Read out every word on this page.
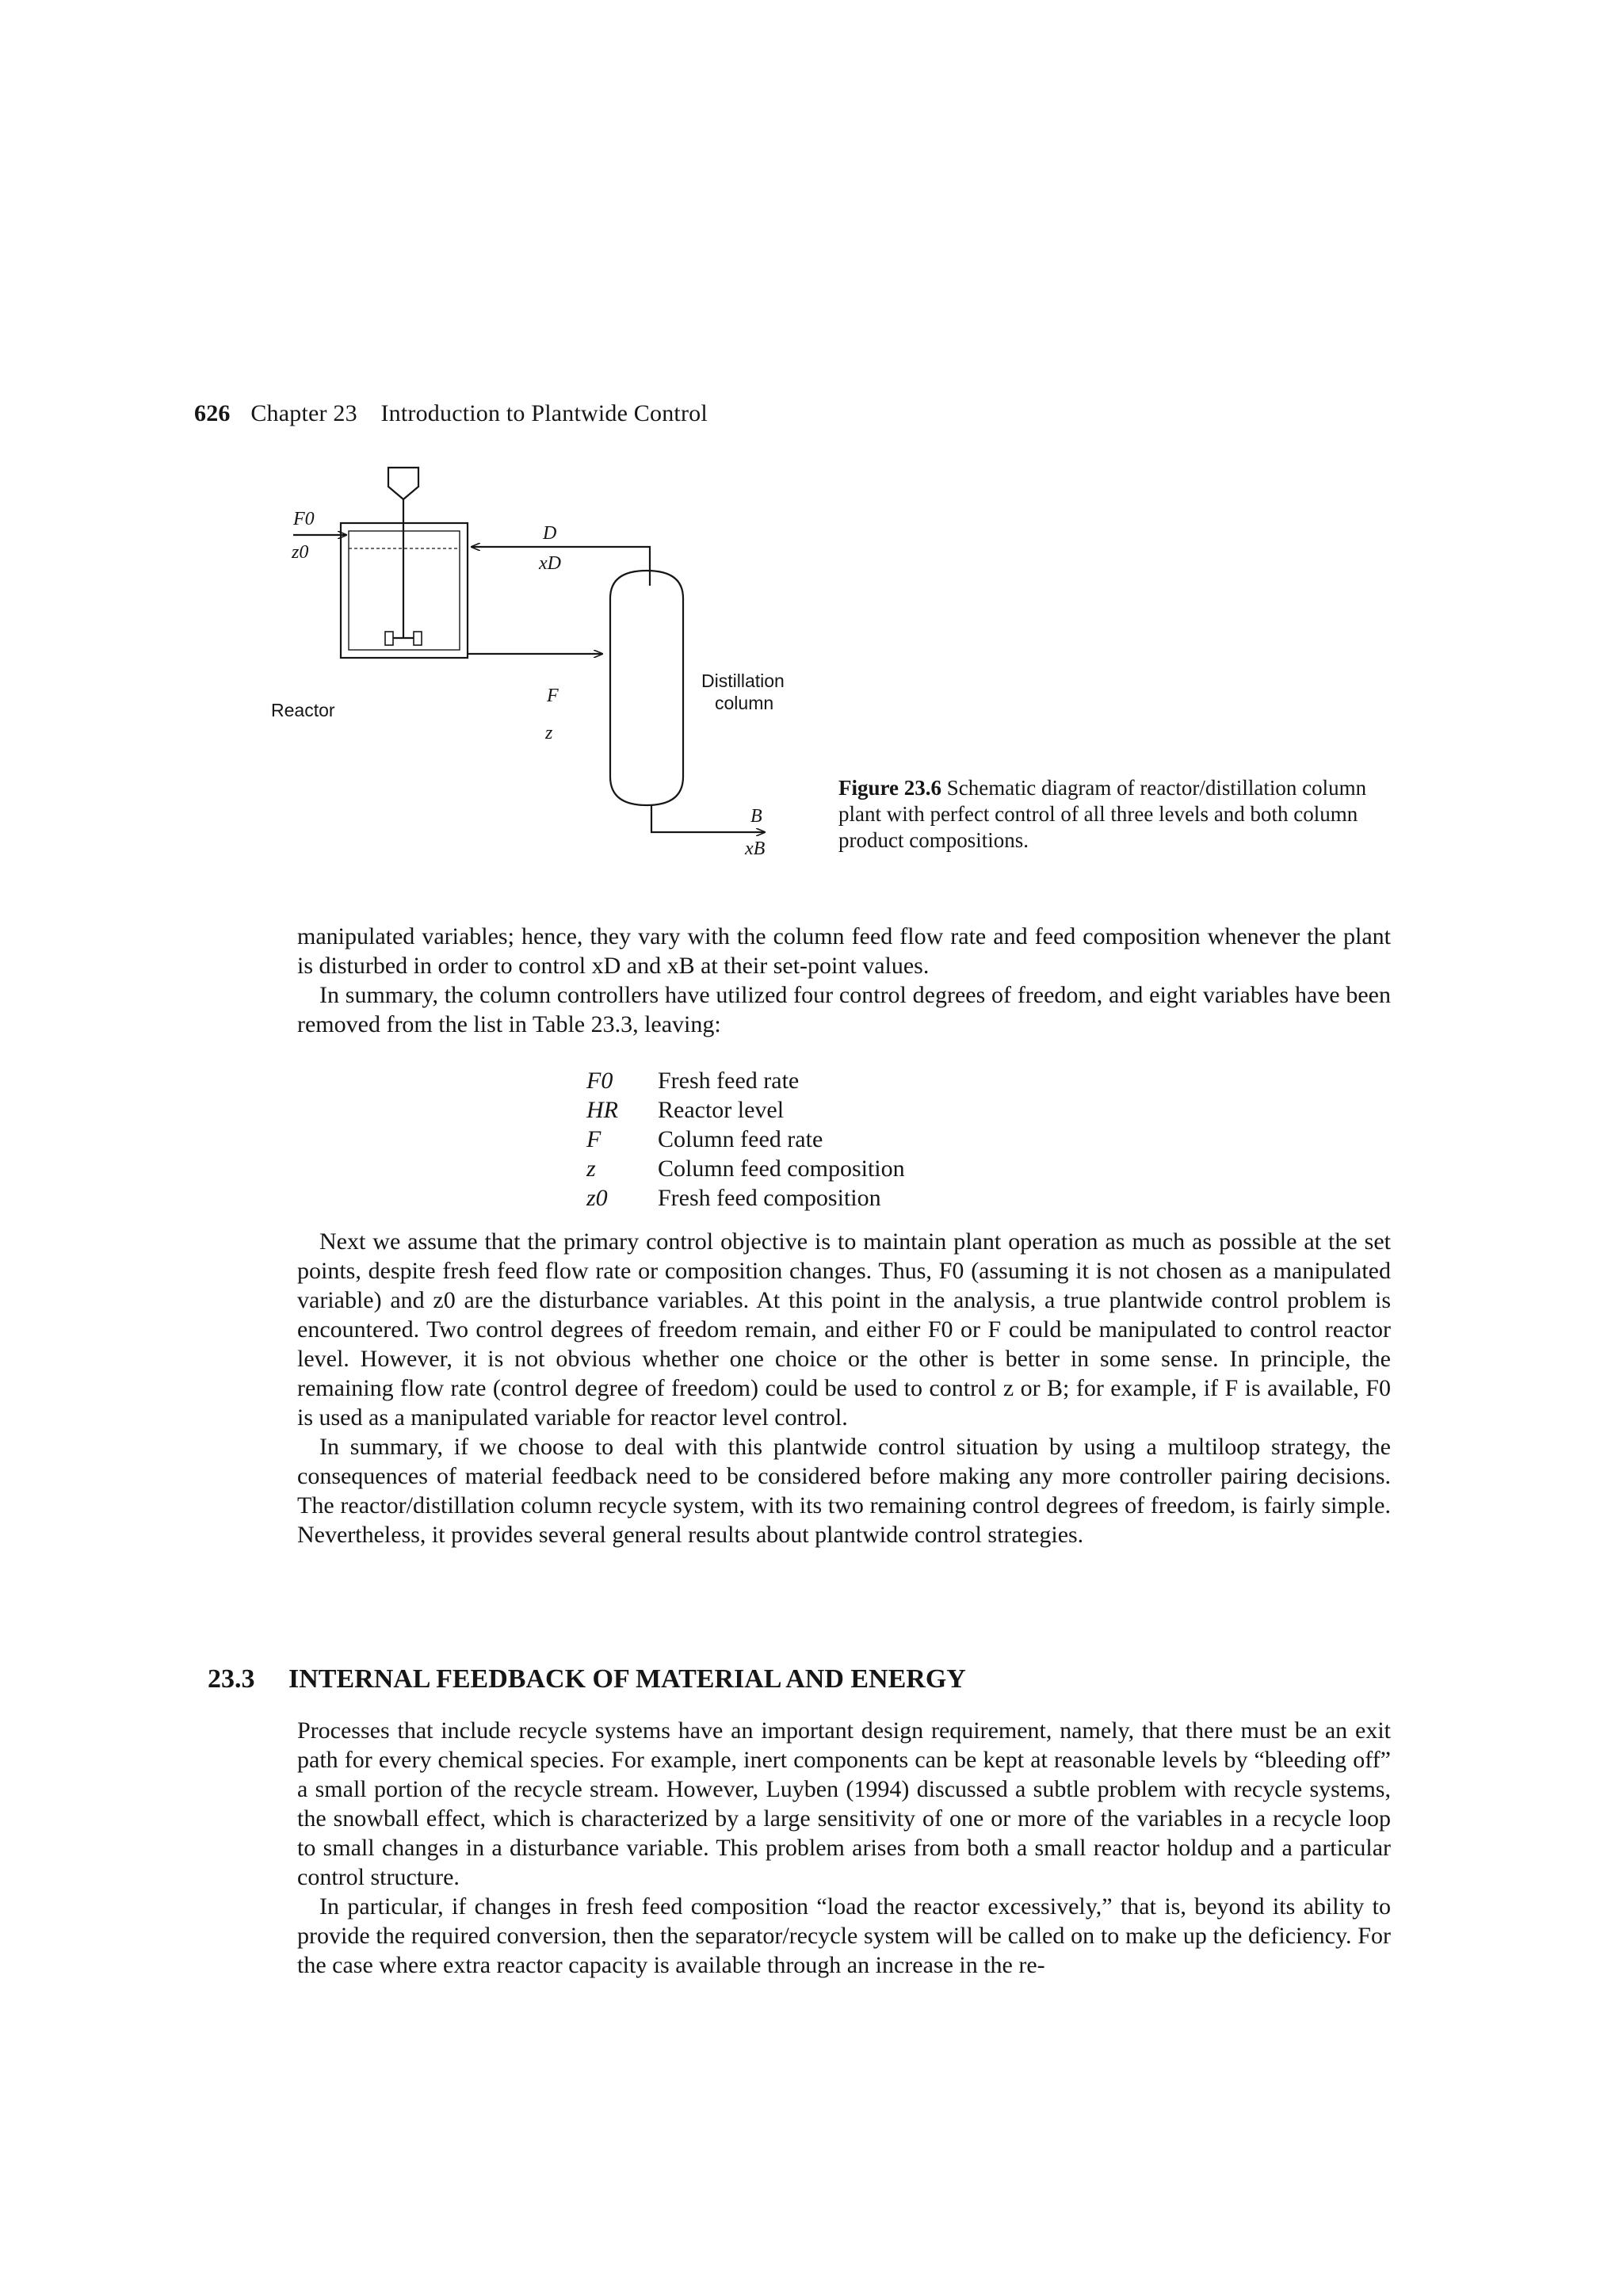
626 Chapter 23 Introduction to Plantwide Control
F0
z0
D
xD
Reactor
F
z
Distillation
column
B
xB
Figure 23.6 Schematic diagram of reactor/distillation column plant with perfect control of all three levels and both column product compositions.

manipulated variables; hence, they vary with the column feed flow rate and feed composition whenever the plant is disturbed in order to control xD and xB at their set-point values.

In summary, the column controllers have utilized four control degrees of freedom, and eight variables have been removed from the list in Table 23.3, leaving:

F0	Fresh feed rate
HR	Reactor level
F	Column feed rate
z	Column feed composition
z0	Fresh feed composition

Next we assume that the primary control objective is to maintain plant operation as much as possible at the set points, despite fresh feed flow rate or composition changes. Thus, F0 (assuming it is not chosen as a manipulated variable) and z0 are the disturbance variables. At this point in the analysis, a true plantwide control problem is encountered. Two control degrees of freedom remain, and either F0 or F could be manipulated to control reactor level. However, it is not obvious whether one choice or the other is better in some sense. In principle, the remaining flow rate (control degree of freedom) could be used to control z or B; for example, if F is available, F0 is used as a manipulated variable for reactor level control.

In summary, if we choose to deal with this plantwide control situation by using a multiloop strategy, the consequences of material feedback need to be considered before making any more controller pairing decisions. The reactor/distillation column recycle system, with its two remaining control degrees of freedom, is fairly simple. Nevertheless, it provides several general results about plantwide control strategies.

23.3 INTERNAL FEEDBACK OF MATERIAL AND ENERGY

Processes that include recycle systems have an important design requirement, namely, that there must be an exit path for every chemical species. For example, inert components can be kept at reasonable levels by “bleeding off” a small portion of the recycle stream. However, Luyben (1994) discussed a subtle problem with recycle systems, the snowball effect, which is characterized by a large sensitivity of one or more of the variables in a recycle loop to small changes in a disturbance variable. This problem arises from both a small reactor holdup and a particular control structure.

In particular, if changes in fresh feed composition “load the reactor excessively,” that is, beyond its ability to provide the required conversion, then the separator/recycle system will be called on to make up the deficiency. For the case where extra reactor capacity is available through an increase in the re-
